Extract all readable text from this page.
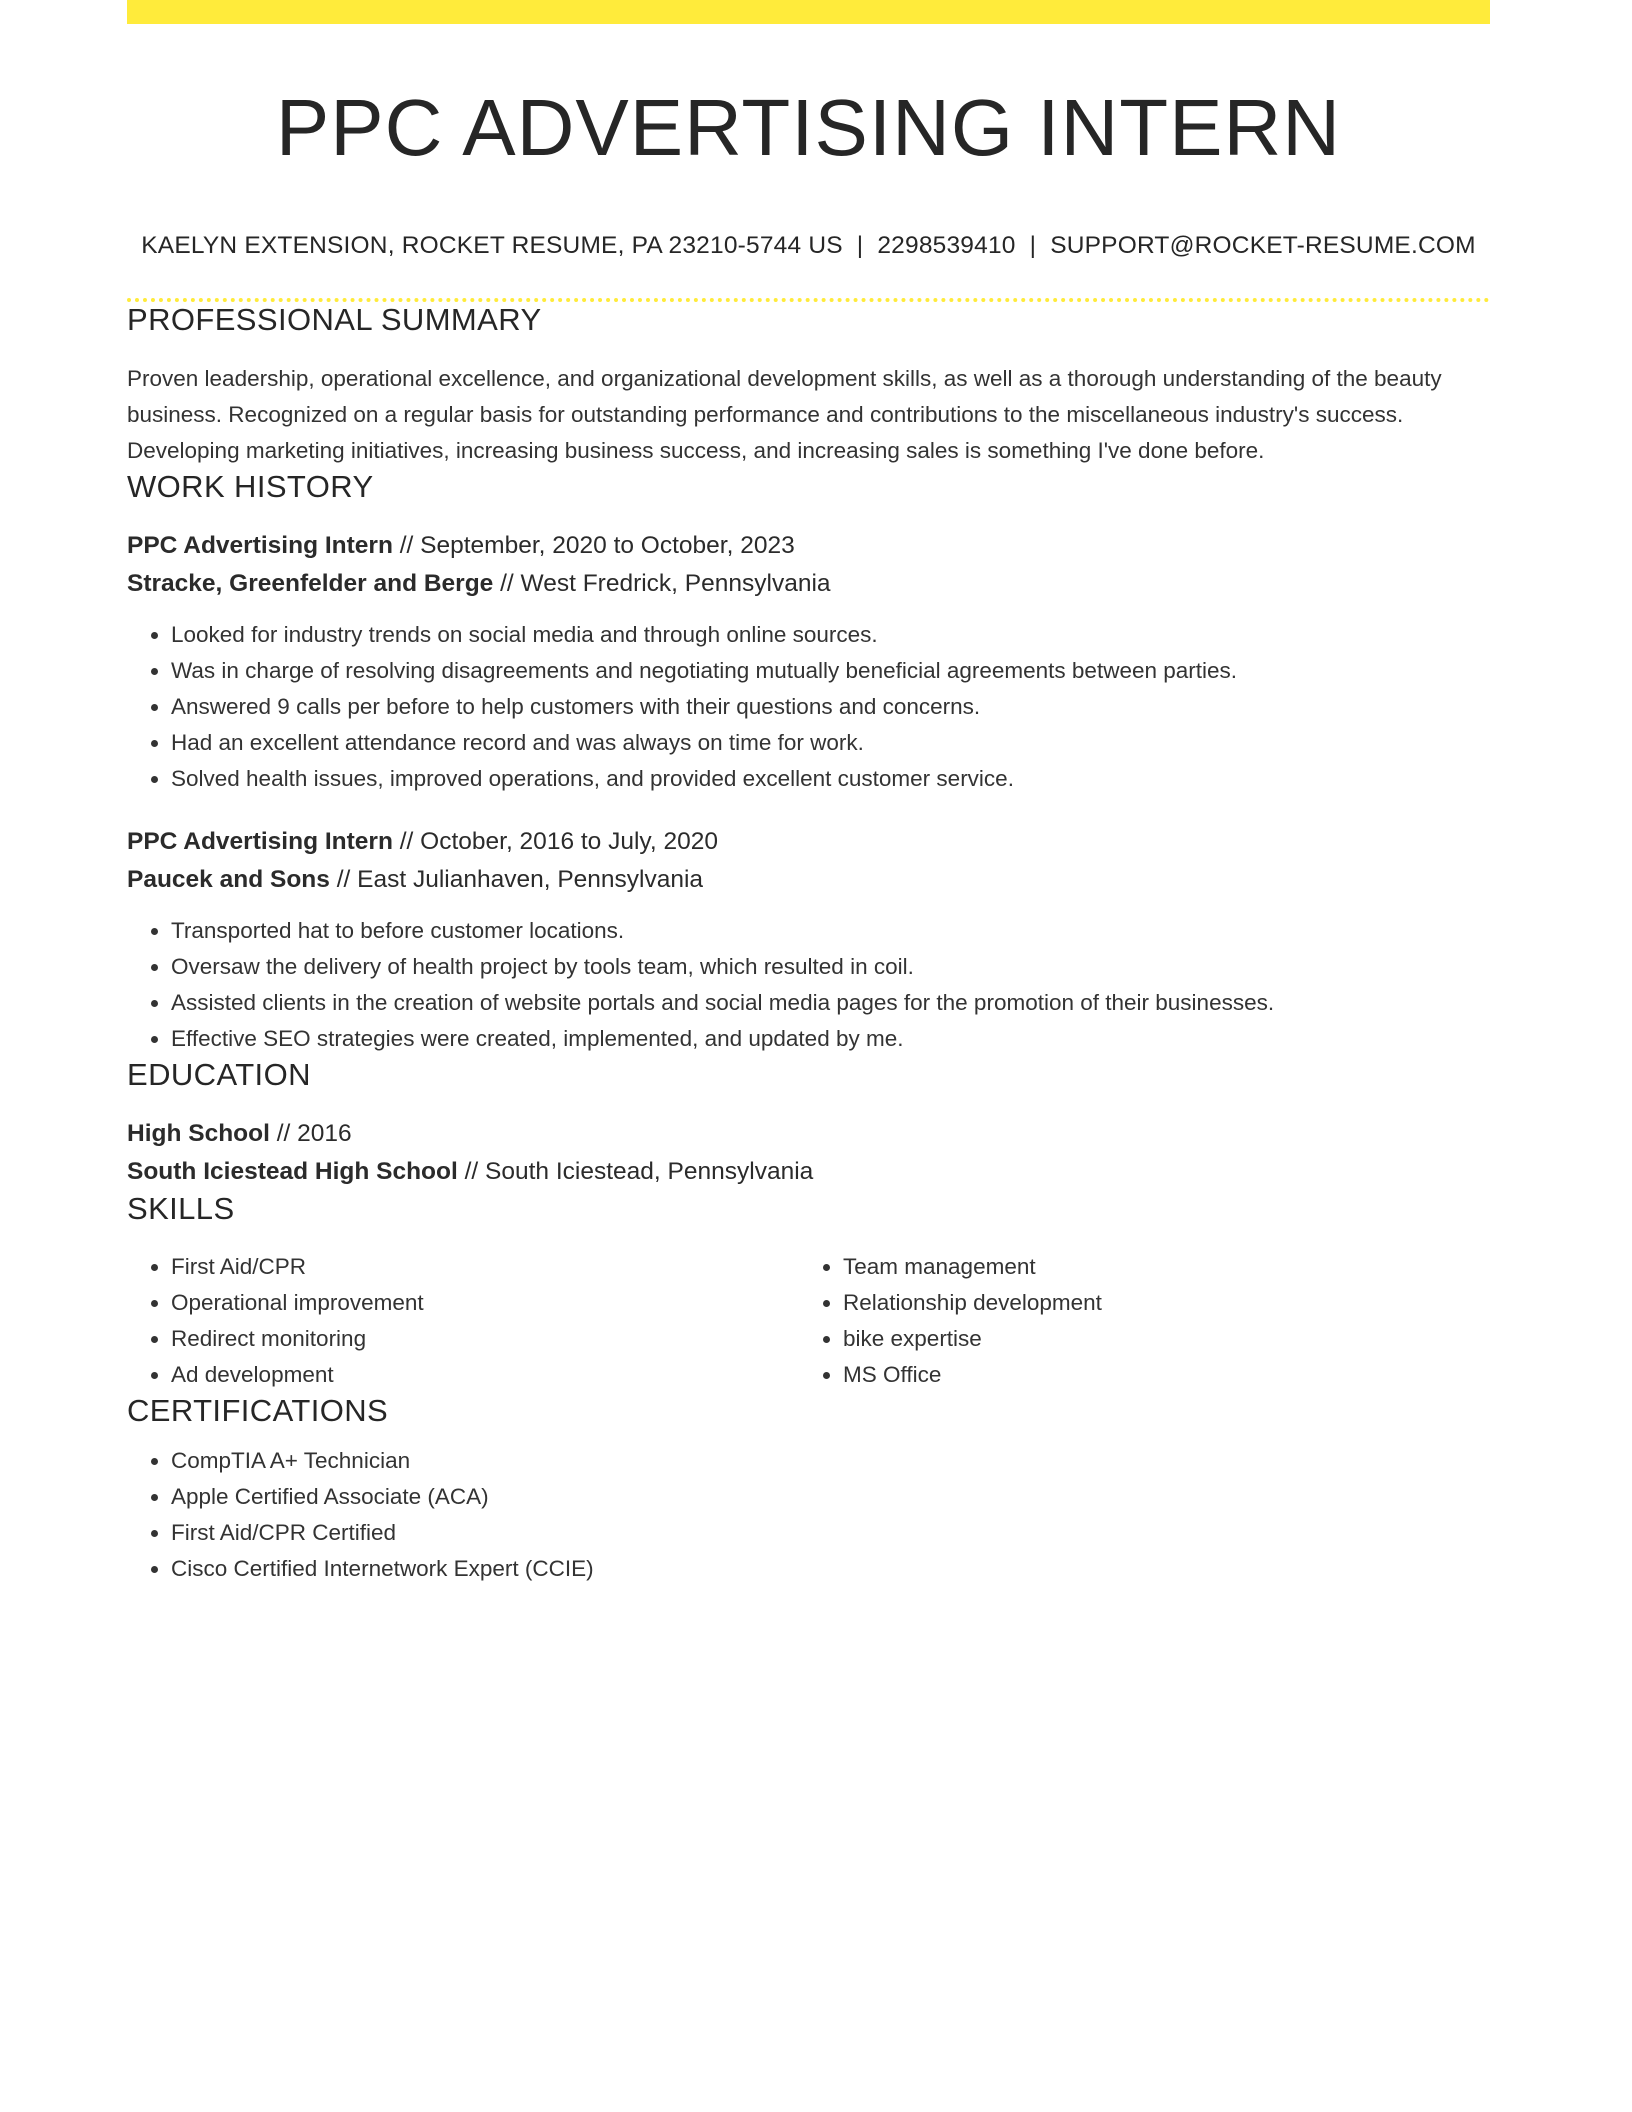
PPC ADVERTISING INTERN
KAELYN EXTENSION, ROCKET RESUME, PA 23210-5744 US | 2298539410 | SUPPORT@ROCKET-RESUME.COM
PROFESSIONAL SUMMARY
Proven leadership, operational excellence, and organizational development skills, as well as a thorough understanding of the beauty business. Recognized on a regular basis for outstanding performance and contributions to the miscellaneous industry's success. Developing marketing initiatives, increasing business success, and increasing sales is something I've done before.
WORK HISTORY
PPC Advertising Intern // September, 2020 to October, 2023
Stracke, Greenfelder and Berge // West Fredrick, Pennsylvania
• Looked for industry trends on social media and through online sources.
• Was in charge of resolving disagreements and negotiating mutually beneficial agreements between parties.
• Answered 9 calls per before to help customers with their questions and concerns.
• Had an excellent attendance record and was always on time for work.
• Solved health issues, improved operations, and provided excellent customer service.
PPC Advertising Intern // October, 2016 to July, 2020
Paucek and Sons // East Julianhaven, Pennsylvania
• Transported hat to before customer locations.
• Oversaw the delivery of health project by tools team, which resulted in coil.
• Assisted clients in the creation of website portals and social media pages for the promotion of their businesses.
• Effective SEO strategies were created, implemented, and updated by me.
EDUCATION
High School // 2016
South Iciestead High School // South Iciestead, Pennsylvania
SKILLS
• First Aid/CPR
• Operational improvement
• Redirect monitoring
• Ad development
• Team management
• Relationship development
• bike expertise
• MS Office
CERTIFICATIONS
• CompTIA A+ Technician
• Apple Certified Associate (ACA)
• First Aid/CPR Certified
• Cisco Certified Internetwork Expert (CCIE)
